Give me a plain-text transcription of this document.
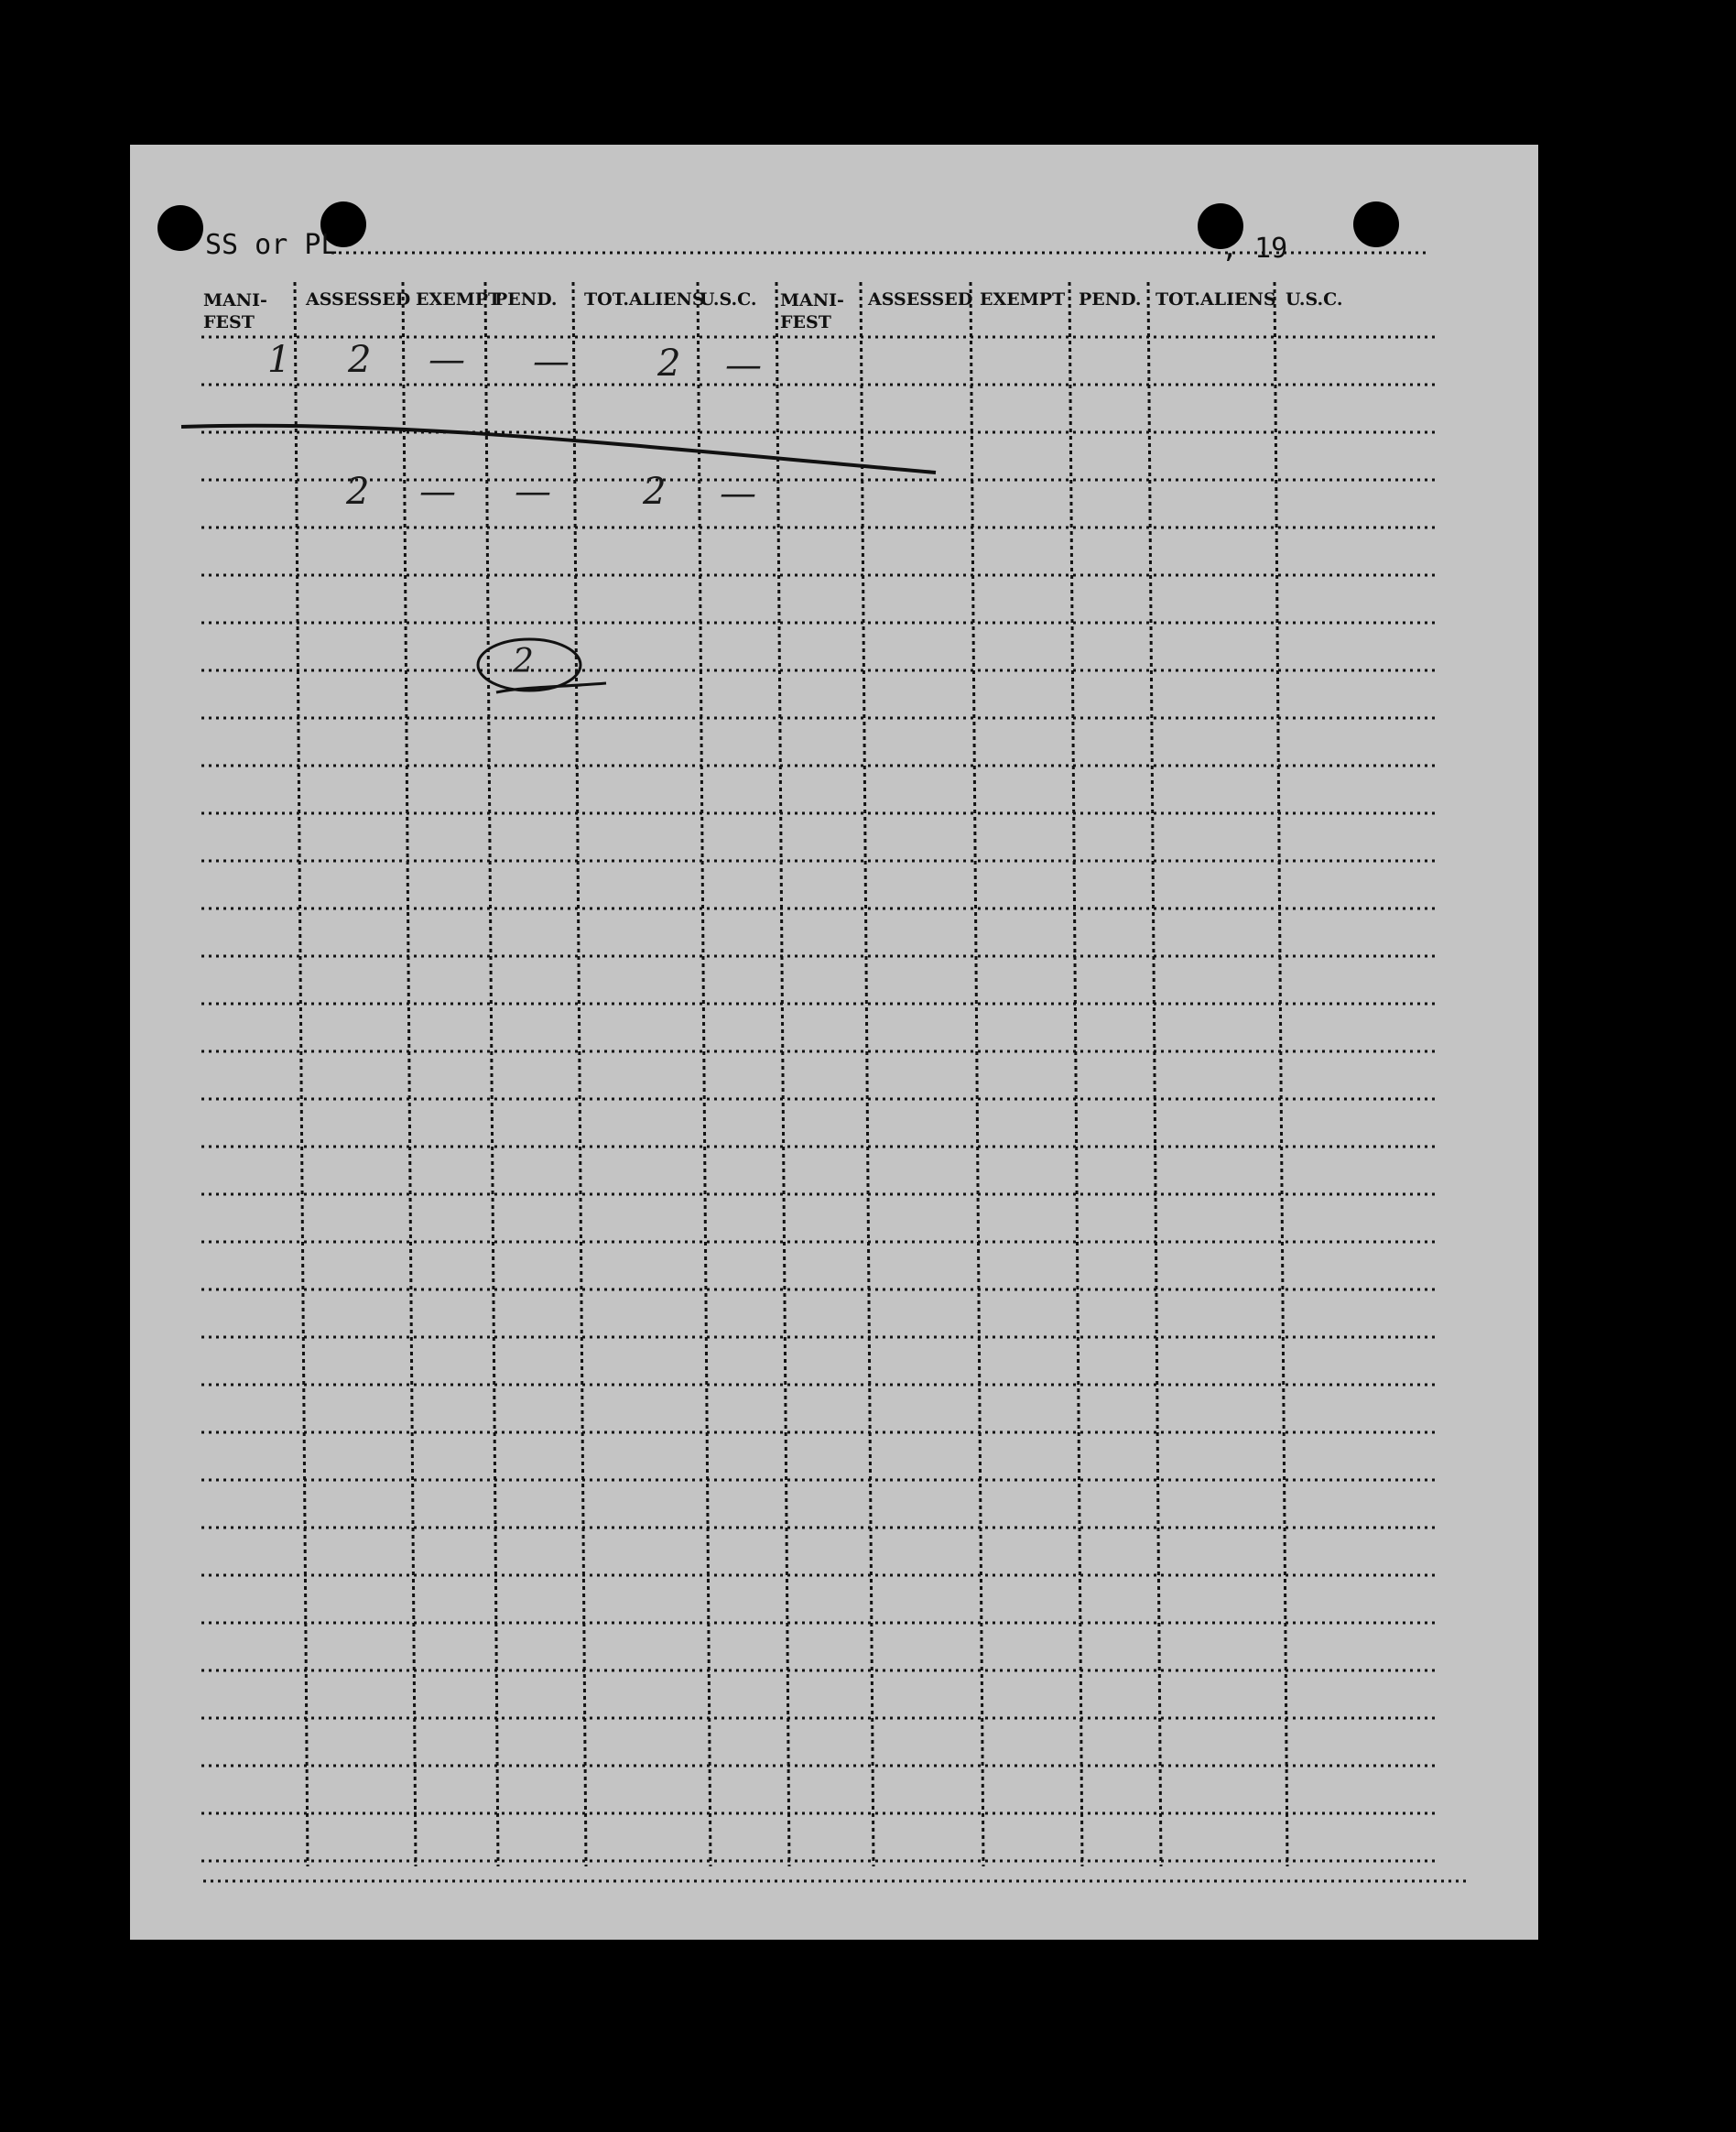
SS or PL	, 19
MANI-
FEST
ASSESSED EXEMPT
PEND. TOT.ALIENS
U.S.C. MANI-
FEST
ASSESSED EXEMPT PEND. TOT.ALIENS U.S.C.
1 2 — — 2 —
2 — —	2 —
2
